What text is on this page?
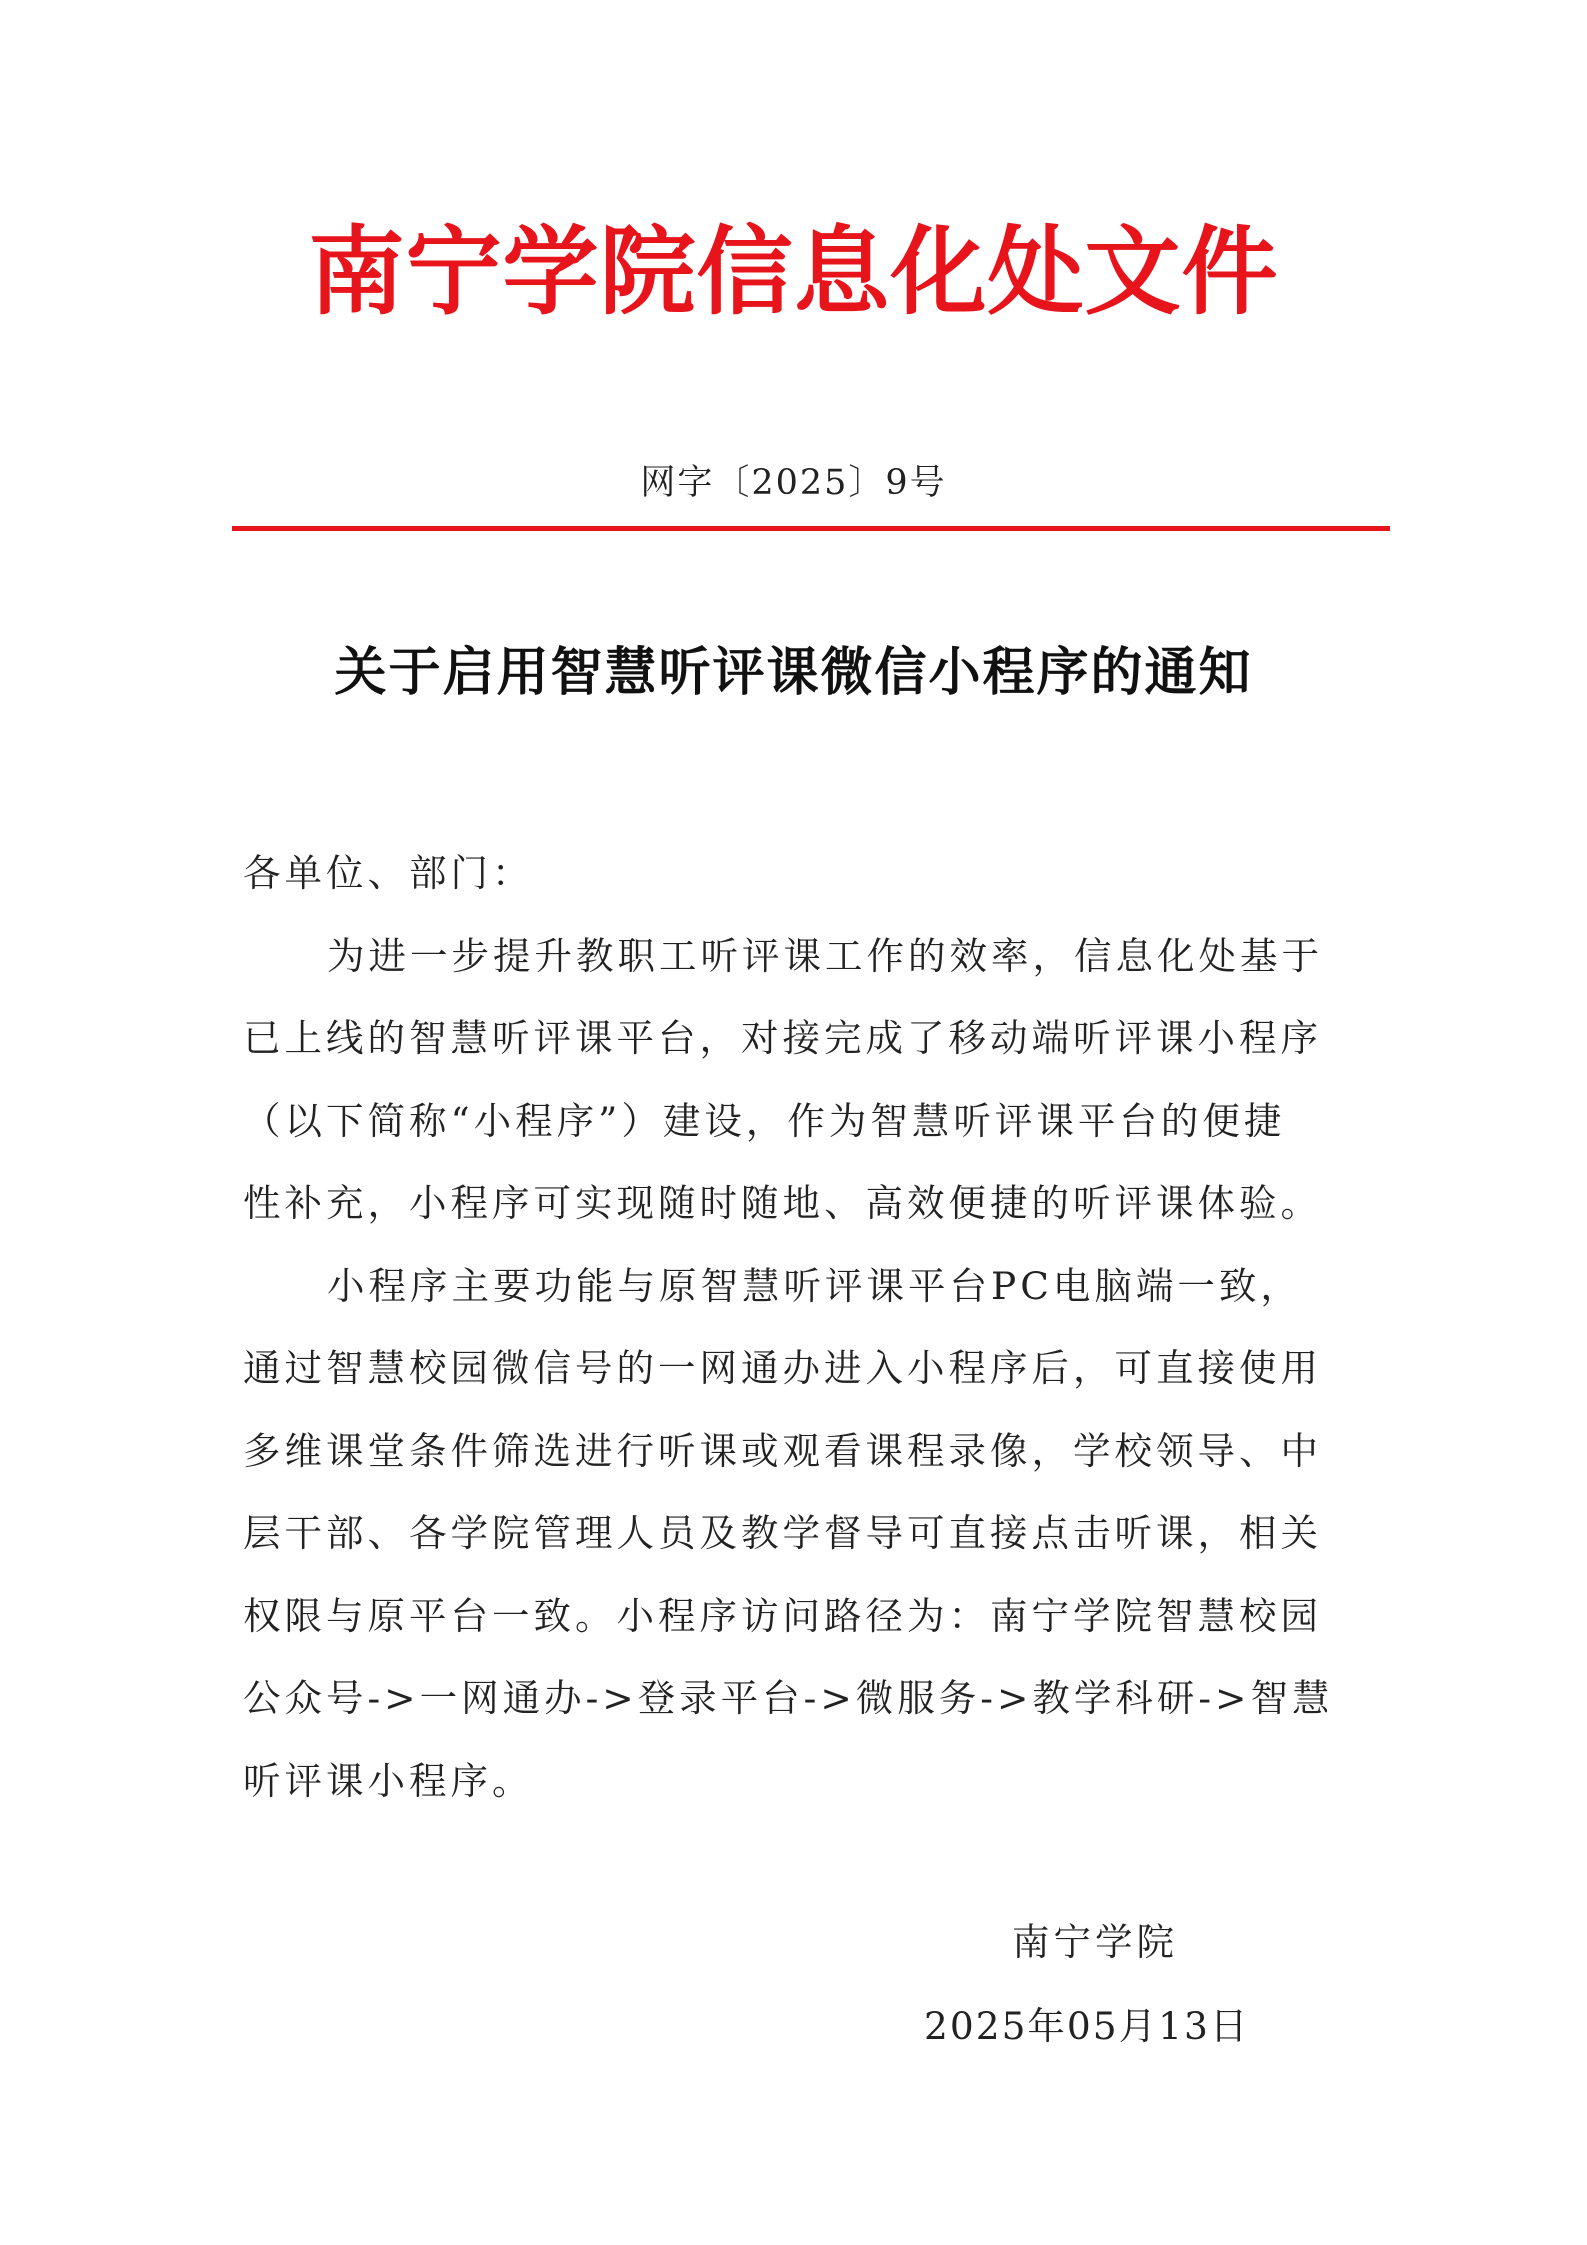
南宁学院信息化处文件
网字〔2025〕9号
关于启用智慧听评课微信小程序的通知
各单位、部门：
为进一步提升教职工听评课工作的效率，信息化处基于
已上线的智慧听评课平台，对接完成了移动端听评课小程序
（以下简称“小程序”）建设，作为智慧听评课平台的便捷
性补充，小程序可实现随时随地、高效便捷的听评课体验。
小程序主要功能与原智慧听评课平台PC电脑端一致，
通过智慧校园微信号的一网通办进入小程序后，可直接使用
多维课堂条件筛选进行听课或观看课程录像，学校领导、中
层干部、各学院管理人员及教学督导可直接点击听课，相关
权限与原平台一致。小程序访问路径为：南宁学院智慧校园
公众号->一网通办->登录平台->微服务->教学科研->智慧
听评课小程序。
南宁学院
2025年05月13日
